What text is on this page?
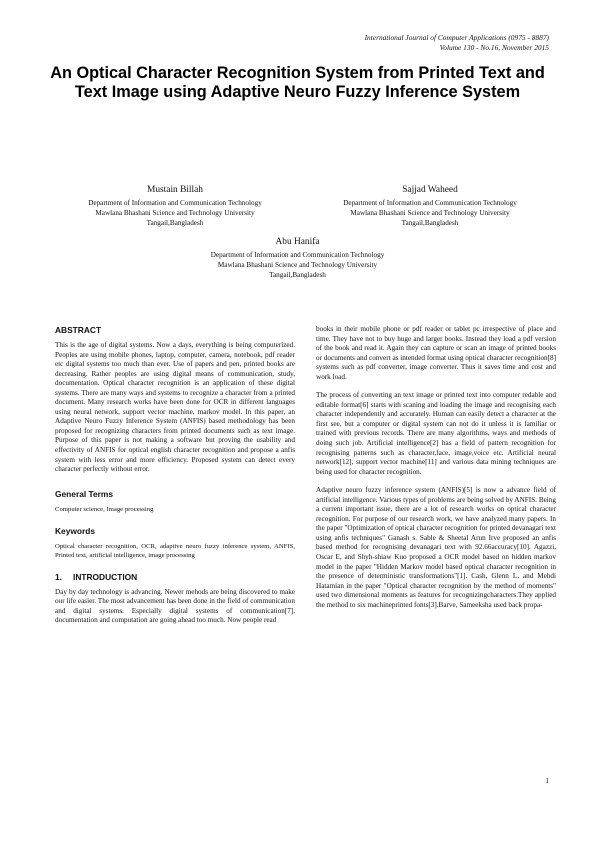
International Journal of Computer Applications (0975 - 8887)
Volume 130 - No.16, November 2015
An Optical Character Recognition System from Printed Text and Text Image using Adaptive Neuro Fuzzy Inference System
Mustain Billah
Department of Information and Communication Technology
Mawlana Bhashani Science and Technology University
Tangail,Bangladesh
Sajjad Waheed
Department of Information and Communication Technology
Mawlana Bhashani Science and Technology University
Tangail,Bangladesh
Abu Hanifa
Department of Information and Communication Technology
Mawlana Bhashani Science and Technology University
Tangail,Bangladesh
ABSTRACT

This is the age of digital systems. Now a days, everything is being computerized. Peoples are using mobile phones, laptop, computer, camera, notebook, pdf reader etc digital systems too much than ever. Use of papers and pen, printed books are decreasing. Rather peoples are using digital means of communication, study, documentation. Optical character recognition is an application of these digital systems. There are many ways and systems to recognize a character from a printed document. Many research works have been done for OCR in different languages using neural network, support vector machine, markov model. In this paper, an Adaptive Neuro Fuzzy Inference System (ANFIS) based methodology has been proposed for recognizing characters from printed documents such as text image. Purpose of this paper is not making a software but proving the usability and effectivity of ANFIS for optical english character recognition and propose a anfis system with less error and more efficiency. Proposed system can detect every character perfectly without error.

General Terms

Computer science, Image processing

Keywords

Optical character recognition, OCR, adaptive neuro fuzzy inference system, ANFIS, Printed text, artificial intelligence, image processing

1. INTRODUCTION

Day by day technology is advancing. Newer mehods are being discovered to make our life easier. The most advancement has been done in the field of communication and digital systems. Especially digital systems of communication[7], documentation and computation are going ahead too much. Now people read

books in their mobile phone or pdf reader or tablet pc irrespective of place and time. They have not to buy huge and larger books. Instead they load a pdf version of the book and read it. Again they can capture or scan an image of printed books or documents and convert as intended format using optical character recognition[8] systems such as pdf converter, image converter. Thus it saves time and cost and work load.

The process of converting an text image or printed text into computer redable and editable format[6] starts with scaning and loading the image and recognising each character independently and accurately. Human can easily detect a character at the first see, but a computer or digital system can not do it unless it is familiar or trained with previous records. There are many algorithms, ways and methods of doing such job. Artificial intelligence[2] has a field of pattern recognition for recognising patterns such as character,face, image,voice etc. Artificial neural network[12], support vector machine[11] and various data mining techniques are being used for character recognition.

Adaptive neuro fuzzy inference system (ANFIS)[5] is now a advance field of artificial intelligence. Various types of problems are being solved by ANFIS. Being a current important issue, there are a lot of research works on optical character recognition. For purpose of our research work, we have analyzed many papers. In the paper "Optimization of optical character recognition for printed devanagari text using anfis techniques" Ganash s. Sable & Sheetal Arun Irve proposed an anfis based method for recognising devanagari text with 92.66accuracy[10]. Agazzi, Oscar E, and Shyh-shiaw Kuo proposed a OCR model based on hidden markov model in the paper "Hidden Markov model based optical character recognition in the presence of deterministic transformations"[1]. Cash, Glenn L, and Mehdi Hatamian in the paper "Optical character recognition by the method of moments" used two dimensional moments as features for recognizingcharacters.They applied the method to six machineprinted fonts[3].Barve, Sameeksha used back propa-

1
